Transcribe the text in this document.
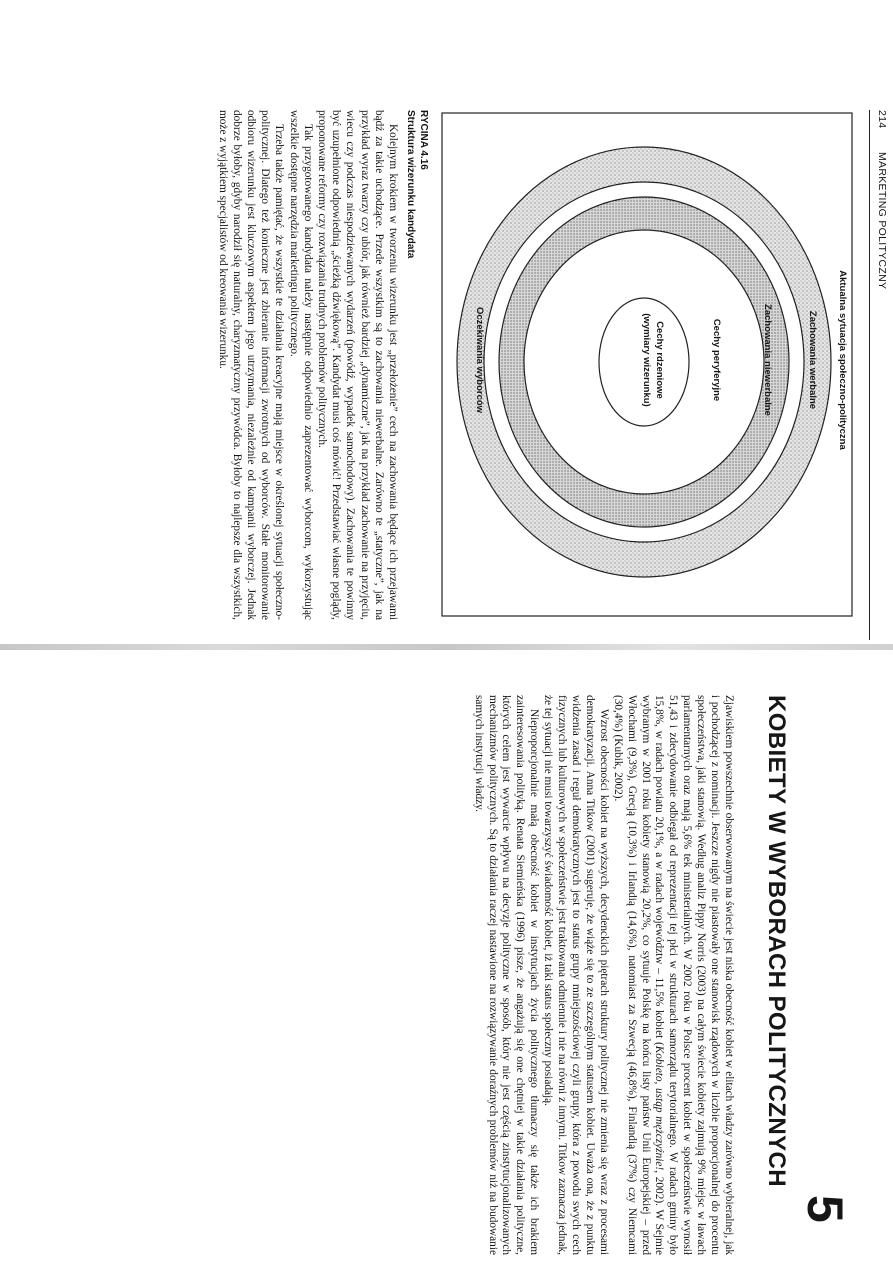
214
MARKETING POLITYCZNY
Aktualna sytuacja społeczno-polityczna
Zachowania werbalne
Zachowania niewerbalne
Cechy peryferyjne
Cechy rdzeniowe
(wymiary wizerunku)
Oczekiwania wyborców
RYCINA 4.16
Struktura wizerunku kandydata

Kolejnym krokiem w tworzeniu wizerunku jest „przełożenie” cech na zachowania będące ich przejawami bądź za takie uchodzące. Przede wszystkim są to zachowania niewerbalne. Zarówno te „statyczne”, jak na przykład wyraz twarzy czy ubiór, jak również bardziej „dynamiczne”, jak na przykład zachowanie na przyjęciu, wiecu czy podczas niespodziewanych wydarzeń (powódź, wypadek samochodowy). Zachowania te powinny być uzupełnione odpowiednią „ścieżką dźwiękową”. Kandydat musi coś mówić! Przedstawiać własne poglądy, proponowane reformy czy rozwiązania trudnych problemów politycznych.

Tak przygotowanego kandydata należy następnie odpowiednio zaprezentować wyborcom, wykorzystując wszelkie dostępne narzędzia marketingu politycznego.

Trzeba także pamiętać, że wszystkie te działania kreacyjne mają miejsce w określonej sytuacji społeczno-politycznej. Dlatego też konieczne jest zbieranie informacji zwrotnych od wyborców. Stałe monitorowanie odbioru wizerunku jest kluczowym aspektem jego utrzymania, niezależnie od kampanii wyborczej. Jednak dobrze byłoby, gdyby narodził się naturalny, charyzmatyczny przywódca. Byłoby to najlepsze dla wszystkich, może z wyjątkiem specjalistów od kreowania wizerunku.

5
KOBIETY W WYBORACH POLITYCZNYCH

Zjawiskiem powszechnie obserwowanym na świecie jest niska obecność kobiet w elitach władzy zarówno wybieralnej, jak i pochodzącej z nominacji. Jeszcze nigdy nie piastowały one stanowisk rządowych w liczbie proporcjonalnej do procentu społeczeństwa, jaki stanowią. Według analiz Pippy Norris (2003) na całym świecie kobiety zajmują 9% miejsc w ławach parlamentarnych oraz mają 5,6% tek ministerialnych. W 2002 roku w Polsce procent kobiet w społeczeństwie wynosił 51,43 i zdecydowanie odbiegał od reprezentacji tej płci w strukturach samorządu terytorialnego. W radach gminy było 15,8%, w radach powiatu 20,1%, a w radach województw – 11,5% kobiet (Kobieto, ustąp mężczyźnie!, 2002). W Sejmie wybranym w 2001 roku kobiety stanowią 20,2%, co sytuuje Polskę na końcu listy państw Unii Europejskiej – przed Włochami (9,3%), Grecją (10,3%) i Irlandią (14,6%), natomiast za Szwecją (46,8%), Finlandią (37%) czy Niemcami (30,4%) (Kubik, 2002).

Wzrost obecności kobiet na wyższych, decydenckich piętrach struktury politycznej nie zmienia się wraz z procesami demokratyzacji. Anna Titkow (2001) sugeruje, że wiąże się to ze szczególnym statusem kobiet. Uważa ona, że z punktu widzenia zasad i reguł demokratycznych jest to status grupy mniejszościowej czyli grupy, która z powodu swych cech fizycznych lub kulturowych w społeczeństwie jest traktowana odmiennie i nie na równi z innymi. Titkow zaznacza jednak, że tej sytuacji nie musi towarzyszyć świadomość kobiet, iż taki status społeczny posiadają.

Nieproporcjonalnie małą obecność kobiet w instytucjach życia politycznego tłumaczy się także ich brakiem zainteresowania polityką. Renata Siemieńska (1996) pisze, że angażują się one chętniej w takie działania polityczne, których celem jest wywarcie wpływu na decyzje polityczne w sposób, który nie jest częścią zinstytucjonalizowanych mechanizmów politycznych. Są to działania raczej nastawione na rozwiązywanie doraźnych problemów niż na budowanie samych instytucji władzy.
